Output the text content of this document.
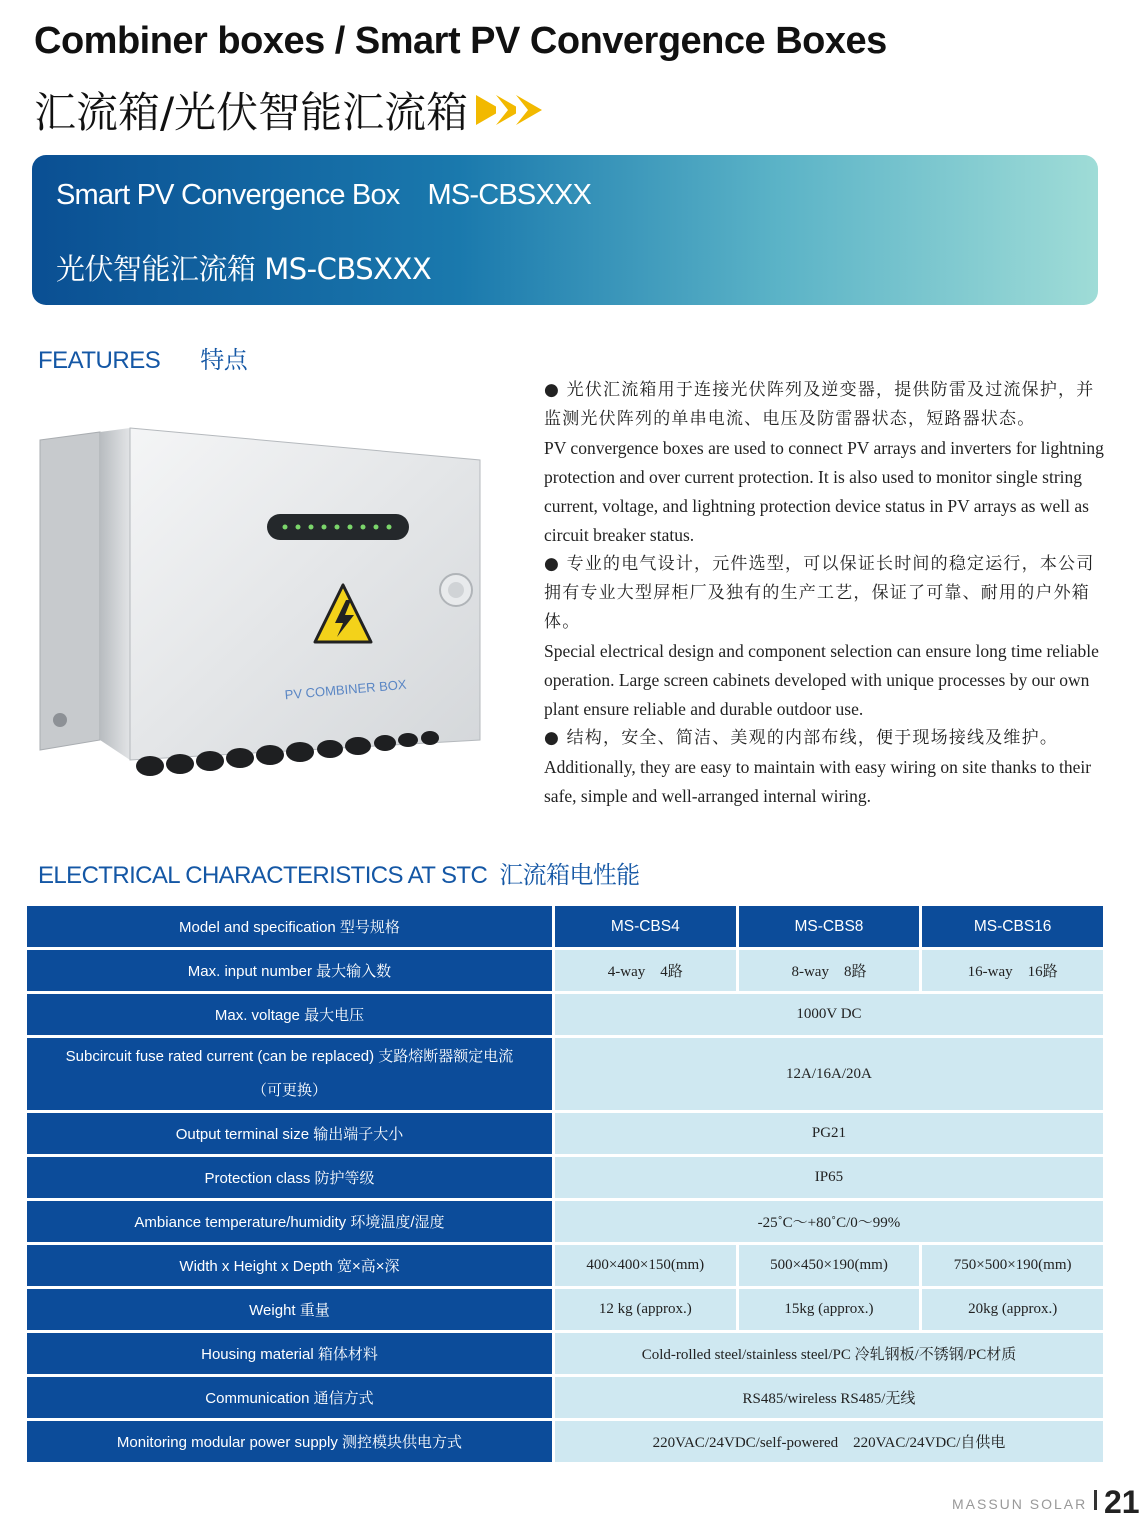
Combiner boxes / Smart PV Convergence Boxes
汇流箱/光伏智能汇流箱
Smart PV Convergence Box MS-CBSXXX
光伏智能汇流箱 MS-CBSXXX
FEATURES 特点
PV COMBINER BOX

● 光伏汇流箱用于连接光伏阵列及逆变器，提供防雷及过流保护，并监测光伏阵列的单串电流、电压及防雷器状态，短路器状态。

PV convergence boxes are used to connect PV arrays and inverters for lightning protection and over current protection. It is also used to monitor single string current, voltage, and lightning protection device status in PV arrays as well as circuit breaker status.

● 专业的电气设计，元件选型，可以保证长时间的稳定运行，本公司拥有专业大型屏柜厂及独有的生产工艺，保证了可靠、耐用的户外箱体。

Special electrical design and component selection can ensure long time reliable operation. Large screen cabinets developed with unique processes by our own plant ensure reliable and durable outdoor use.

● 结构，安全、简洁、美观的内部布线，便于现场接线及维护。

Additionally, they are easy to maintain with easy wiring on site thanks to their safe, simple and well-arranged internal wiring.

ELECTRICAL CHARACTERISTICS AT STC 汇流箱电性能
Model and specification 型号规格	MS-CBS4	MS-CBS8	MS-CBS16
Max. input number 最大输入数	4-way　4路	8-way　8路	16-way　16路
Max. voltage 最大电压	1000V DC		
Subcircuit fuse rated current (can be replaced) 支路熔断器额定电流
（可更换）	12A/16A/20A		
Output terminal size 输出端子大小	PG21		
Protection class 防护等级	IP65		
Ambiance temperature/humidity 环境温度/湿度	-25˚C～+80˚C/0～99%		
Width x Height x Depth 宽×高×深	400×400×150(mm)	500×450×190(mm)	750×500×190(mm)
Weight 重量	12 kg (approx.)	15kg (approx.)	20kg (approx.)
Housing material 箱体材料	Cold-rolled steel/stainless steel/PC 冷轧钢板/不锈钢/PC材质		
Communication 通信方式	RS485/wireless RS485/无线		
Monitoring modular power supply 测控模块供电方式	220VAC/24VDC/self-powered　220VAC/24VDC/自供电		
MASSUN SOLAR 21
